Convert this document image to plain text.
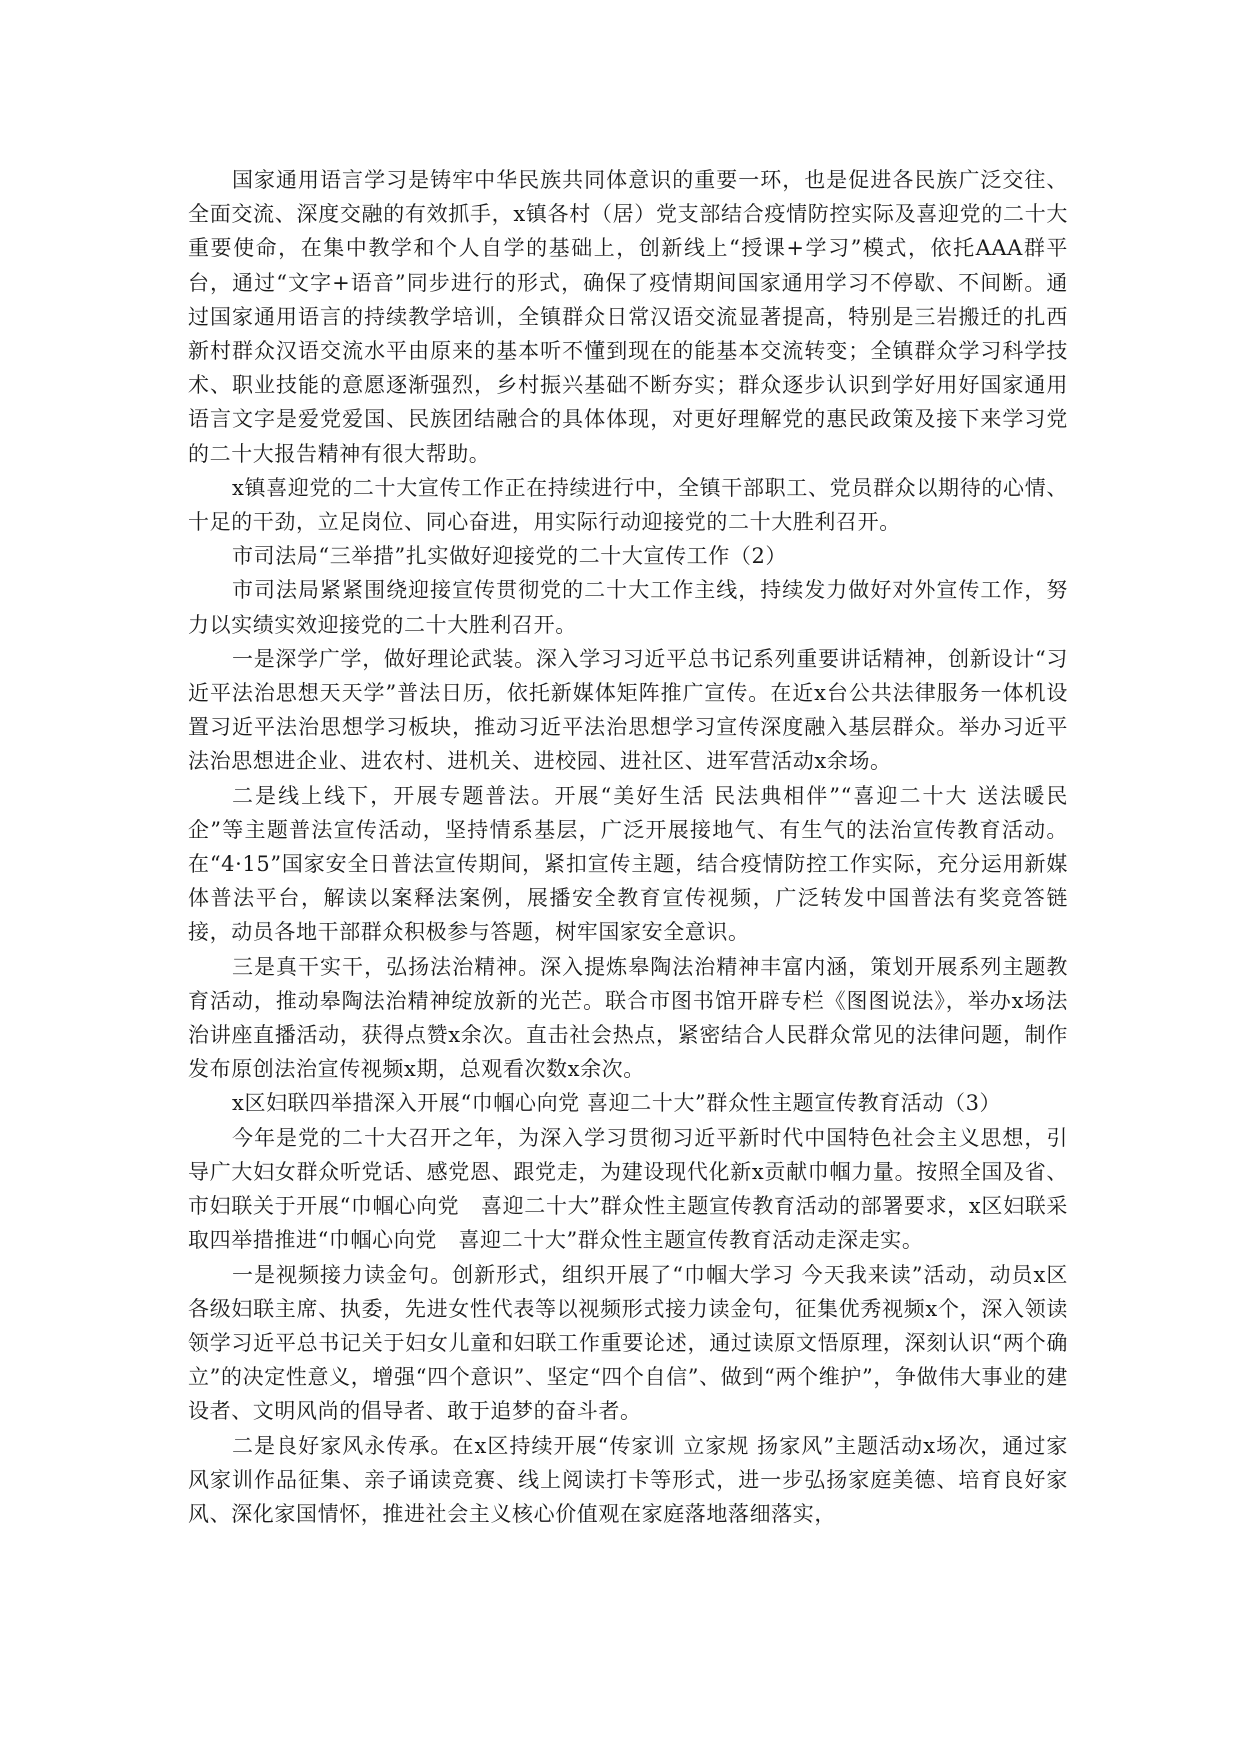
国家通用语言学习是铸牢中华民族共同体意识的重要一环，也是促进各民族广泛交往、全面交流、深度交融的有效抓手，x镇各村（居）党支部结合疫情防控实际及喜迎党的二十大重要使命，在集中教学和个人自学的基础上，创新线上“授课+学习”模式，依托AAA群平台，通过“文字+语音”同步进行的形式，确保了疫情期间国家通用学习不停歇、不间断。通过国家通用语言的持续教学培训，全镇群众日常汉语交流显著提高，特别是三岩搬迁的扎西新村群众汉语交流水平由原来的基本听不懂到现在的能基本交流转变；全镇群众学习科学技术、职业技能的意愿逐渐强烈，乡村振兴基础不断夯实；群众逐步认识到学好用好国家通用语言文字是爱党爱国、民族团结融合的具体体现，对更好理解党的惠民政策及接下来学习党的二十大报告精神有很大帮助。

x镇喜迎党的二十大宣传工作正在持续进行中，全镇干部职工、党员群众以期待的心情、十足的干劲，立足岗位、同心奋进，用实际行动迎接党的二十大胜利召开。

市司法局“三举措”扎实做好迎接党的二十大宣传工作（2）

市司法局紧紧围绕迎接宣传贯彻党的二十大工作主线，持续发力做好对外宣传工作，努力以实绩实效迎接党的二十大胜利召开。

一是深学广学，做好理论武装。深入学习习近平总书记系列重要讲话精神，创新设计“习近平法治思想天天学”普法日历，依托新媒体矩阵推广宣传。在近x台公共法律服务一体机设置习近平法治思想学习板块，推动习近平法治思想学习宣传深度融入基层群众。举办习近平法治思想进企业、进农村、进机关、进校园、进社区、进军营活动x余场。

二是线上线下，开展专题普法。开展“美好生活 民法典相伴”“喜迎二十大 送法暖民企”等主题普法宣传活动，坚持情系基层，广泛开展接地气、有生气的法治宣传教育活动。在“4·15”国家安全日普法宣传期间，紧扣宣传主题，结合疫情防控工作实际，充分运用新媒体普法平台，解读以案释法案例，展播安全教育宣传视频，广泛转发中国普法有奖竞答链接，动员各地干部群众积极参与答题，树牢国家安全意识。

三是真干实干，弘扬法治精神。深入提炼皋陶法治精神丰富内涵，策划开展系列主题教育活动，推动皋陶法治精神绽放新的光芒。联合市图书馆开辟专栏《图图说法》，举办x场法治讲座直播活动，获得点赞x余次。直击社会热点，紧密结合人民群众常见的法律问题，制作发布原创法治宣传视频x期，总观看次数x余次。

x区妇联四举措深入开展“巾帼心向党 喜迎二十大”群众性主题宣传教育活动（3）

今年是党的二十大召开之年，为深入学习贯彻习近平新时代中国特色社会主义思想，引导广大妇女群众听党话、感党恩、跟党走，为建设现代化新x贡献巾帼力量。按照全国及省、市妇联关于开展“巾帼心向党　喜迎二十大”群众性主题宣传教育活动的部署要求，x区妇联采取四举措推进“巾帼心向党　喜迎二十大”群众性主题宣传教育活动走深走实。

一是视频接力读金句。创新形式，组织开展了“巾帼大学习 今天我来读”活动，动员x区各级妇联主席、执委，先进女性代表等以视频形式接力读金句，征集优秀视频x个，深入领读领学习近平总书记关于妇女儿童和妇联工作重要论述，通过读原文悟原理，深刻认识“两个确立”的决定性意义，增强“四个意识”、坚定“四个自信”、做到“两个维护”，争做伟大事业的建设者、文明风尚的倡导者、敢于追梦的奋斗者。

二是良好家风永传承。在x区持续开展“传家训 立家规 扬家风”主题活动x场次，通过家风家训作品征集、亲子诵读竞赛、线上阅读打卡等形式，进一步弘扬家庭美德、培育良好家风、深化家国情怀，推进社会主义核心价值观在家庭落地落细落实，
